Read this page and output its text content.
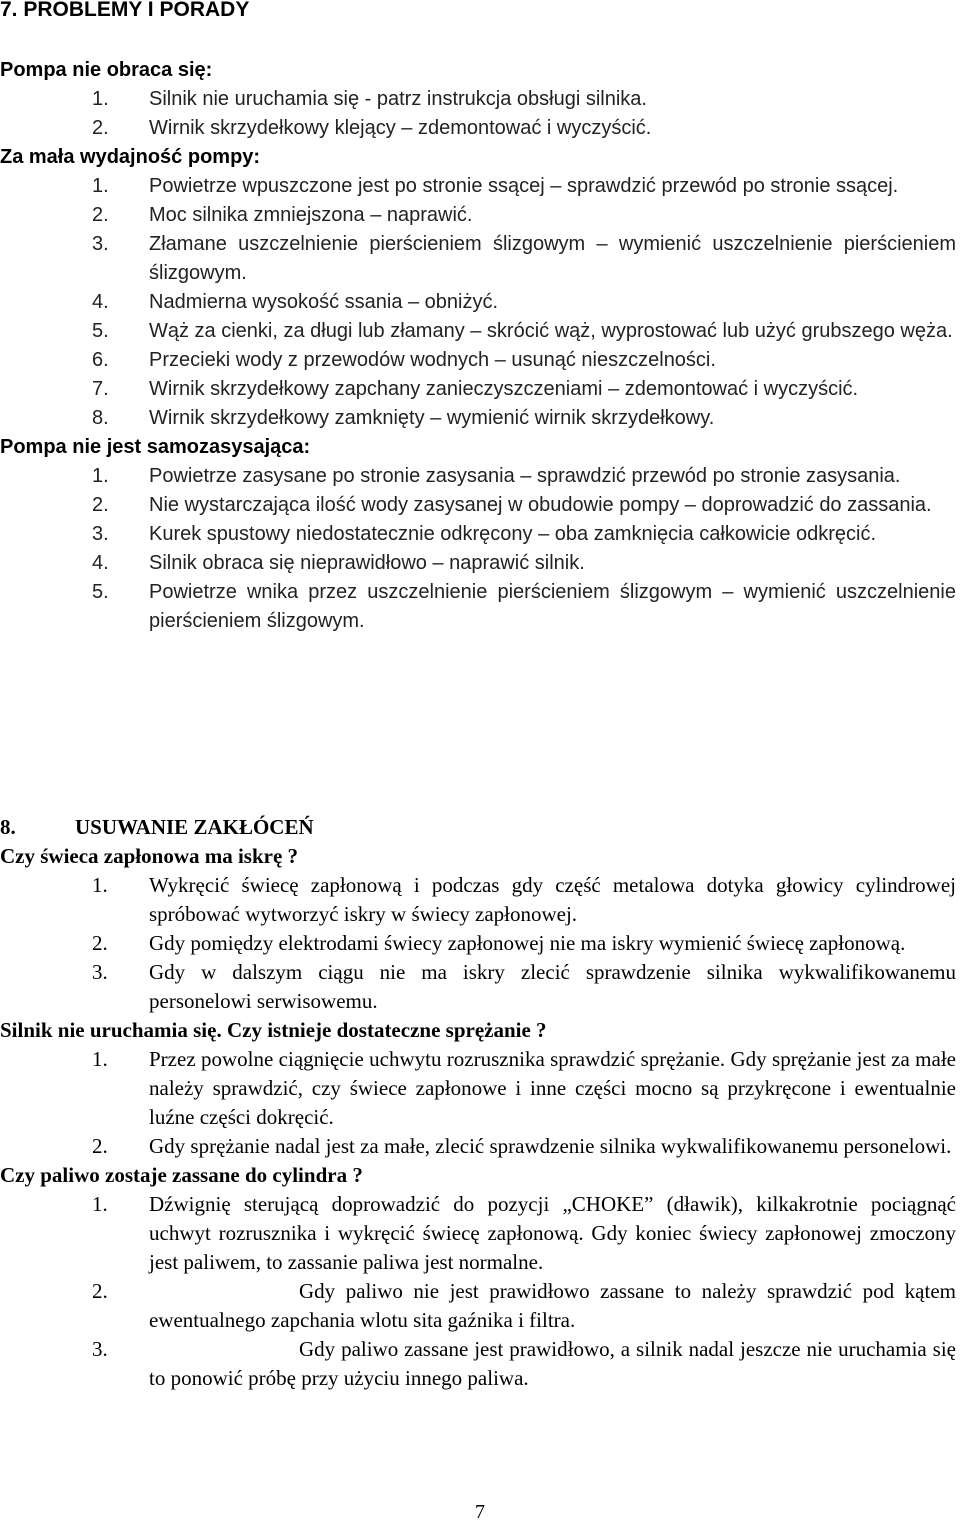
7. PROBLEMY I PORADY
Pompa nie obraca się:
1. Silnik nie uruchamia się - patrz instrukcja obsługi silnika.
2. Wirnik skrzydełkowy klejący – zdemontować i wyczyścić.
Za mała wydajność pompy:
1. Powietrze wpuszczone jest po stronie ssącej – sprawdzić przewód po stronie ssącej.
2. Moc silnika zmniejszona – naprawić.
3. Złamane uszczelnienie pierścieniem ślizgowym – wymienić uszczelnienie pierścieniem ślizgowym.
4. Nadmierna wysokość ssania – obniżyć.
5. Wąż za cienki, za długi lub złamany – skrócić wąż, wyprostować lub użyć grubszego węża.
6. Przecieki wody z przewodów wodnych – usunąć nieszczelności.
7. Wirnik skrzydełkowy zapchany zanieczyszczeniami – zdemontować i wyczyścić.
8. Wirnik skrzydełkowy zamknięty – wymienić wirnik skrzydełkowy.
Pompa nie jest samozasysająca:
1. Powietrze zasysane po stronie zasysania – sprawdzić przewód po stronie zasysania.
2. Nie wystarczająca ilość wody zasysanej w obudowie pompy – doprowadzić do zassania.
3. Kurek spustowy niedostatecznie odkręcony – oba zamknięcia całkowicie odkręcić.
4. Silnik obraca się nieprawidłowo – naprawić silnik.
5. Powietrze wnika przez uszczelnienie pierścieniem ślizgowym – wymienić uszczelnienie pierścieniem ślizgowym.
8.	USUWANIE ZAKŁÓCEŃ
Czy świeca zapłonowa ma iskrę ?
1. Wykręcić świecę zapłonową i podczas gdy część metalowa dotyka głowicy cylindrowej spróbować wytworzyć iskry w świecy zapłonowej.
2. Gdy pomiędzy elektrodami świecy zapłonowej nie ma iskry wymienić świecę zapłonową.
3. Gdy w dalszym ciągu nie ma iskry zlecić sprawdzenie silnika wykwalifikowanemu personelowi serwisowemu.
Silnik nie uruchamia się. Czy istnieje dostateczne sprężanie ?
1. Przez powolne ciągnięcie uchwytu rozrusznika sprawdzić sprężanie. Gdy sprężanie jest za małe należy sprawdzić, czy świece zapłonowe i inne części mocno są przykręcone i ewentualnie luźne części dokręcić.
2. Gdy sprężanie nadal jest za małe, zlecić sprawdzenie silnika wykwalifikowanemu personelowi.
Czy paliwo zostaje zassane do cylindra ?
1. Dźwignię sterującą doprowadzić do pozycji „CHOKE” (dławik), kilkakrotnie pociągnąć uchwyt rozrusznika i wykręcić świecę zapłonową. Gdy koniec świecy zapłonowej zmoczony jest paliwem, to zassanie paliwa jest normalne.
2.	Gdy paliwo nie jest prawidłowo zassane to należy sprawdzić pod kątem ewentualnego zapchania wlotu sita gaźnika i filtra.
3.	Gdy paliwo zassane jest prawidłowo, a silnik nadal jeszcze nie uruchamia się to ponowić próbę przy użyciu innego paliwa.
7
